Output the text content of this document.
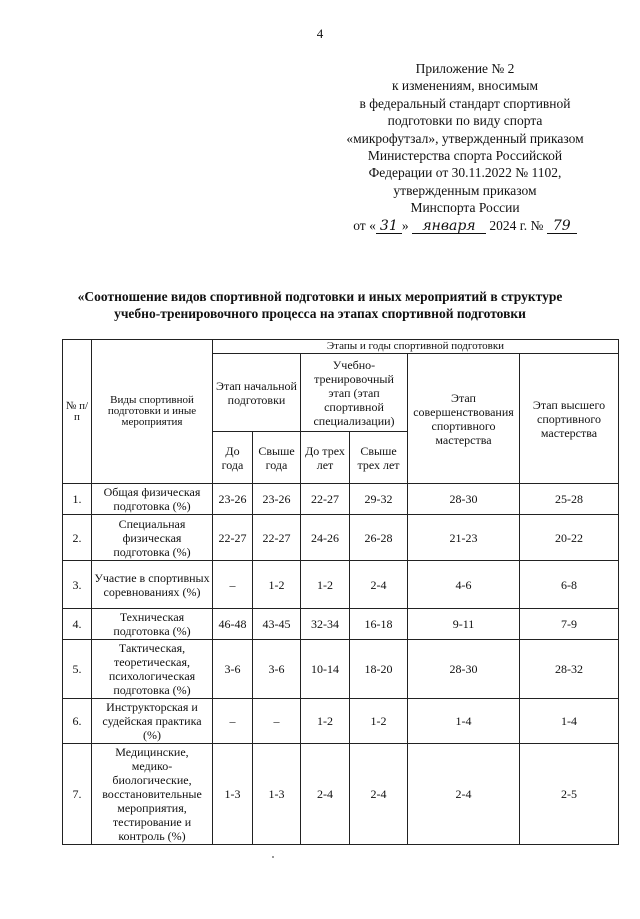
4
Приложение № 2
к изменениям, вносимым
в федеральный стандарт спортивной
подготовки по виду спорта
«микрофутзал», утвержденный приказом
Министерства спорта Российской
Федерации от 30.11.2022 № 1102,
утвержденным приказом
Минспорта России
от « 31 » января 2024 г. № 79
«Соотношение видов спортивной подготовки и иных мероприятий в структуре
учебно-тренировочного процесса на этапах спортивной подготовки
№ п/п	Виды спортивной подготовки и иные мероприятия	Этапы и годы спортивной подготовки					
		Этап начальной подготовки		Учебно-тренировочный этап (этап спортивной специализации)		Этап совершенствования спортивного мастерства	Этап высшего спортивного мастерства
		До года	Свыше года	До трех лет	Свыше трех лет		
1.	Общая физическая подготовка (%)	23-26	23-26	22-27	29-32	28-30	25-28
2.	Специальная физическая подготовка (%)	22-27	22-27	24-26	26-28	21-23	20-22
3.	Участие в спортивных соревнованиях (%)	–	1-2	1-2	2-4	4-6	6-8
4.	Техническая подготовка (%)	46-48	43-45	32-34	16-18	9-11	7-9
5.	Тактическая, теоретическая, психологическая подготовка (%)	3-6	3-6	10-14	18-20	28-30	28-32
6.	Инструкторская и судейская практика (%)	–	–	1-2	1-2	1-4	1-4
7.	Медицинские, медико-биологические, восстановительные мероприятия, тестирование и контроль (%)	1-3	1-3	2-4	2-4	2-4	2-5
